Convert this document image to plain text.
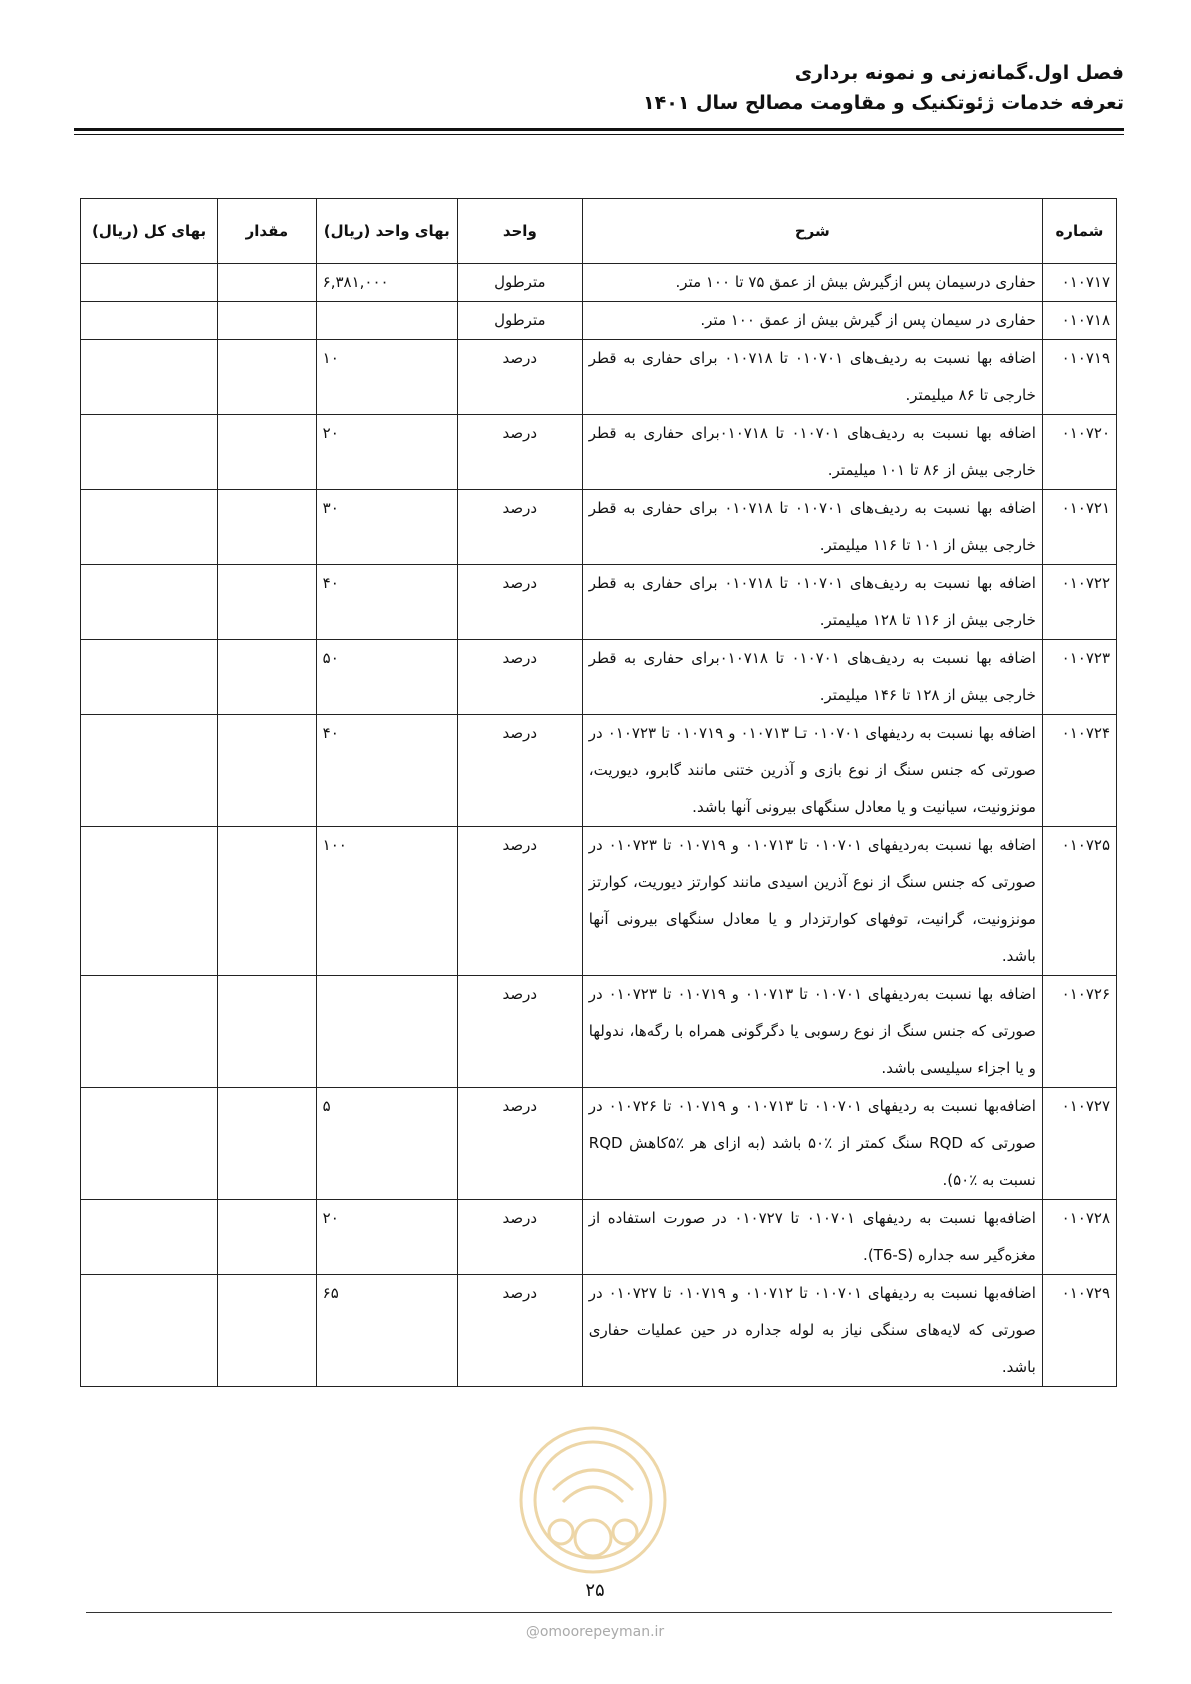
فصل اول.گمانه‌زنی و نمونه برداری
تعرفه خدمات ژئوتکنیک و مقاومت مصالح سال ۱۴۰۱
شماره	شرح	واحد	بهای واحد (ریال)	مقدار	بهای کل (ریال)
۰۱۰۷۱۷	حفاری درسیمان پس ازگیرش بیش از عمق ۷۵ تا ۱۰۰ متر.	مترطول	۶,۳۸۱,۰۰۰		
۰۱۰۷۱۸	حفاری در سیمان پس از گیرش بیش از عمق ۱۰۰ متر.	مترطول			
۰۱۰۷۱۹	اضافه بها نسبت به ردیف‌های ۰۱۰۷۰۱ تا ۰۱۰۷۱۸ برای حفاری به قطر خارجی تا ۸۶ میلیمتر.	درصد	۱۰		
۰۱۰۷۲۰	اضافه بها نسبت به ردیف‌های ۰۱۰۷۰۱ تا ۰۱۰۷۱۸برای حفاری به قطر خارجی بیش از ۸۶ تا ۱۰۱ میلیمتر.	درصد	۲۰		
۰۱۰۷۲۱	اضافه بها نسبت به ردیف‌های ۰۱۰۷۰۱ تا ۰۱۰۷۱۸ برای حفاری به قطر خارجی بیش از ۱۰۱ تا ۱۱۶ میلیمتر.	درصد	۳۰		
۰۱۰۷۲۲	اضافه بها نسبت به ردیف‌های ۰۱۰۷۰۱ تا ۰۱۰۷۱۸ برای حفاری به قطر خارجی بیش از ۱۱۶ تا ۱۲۸ میلیمتر.	درصد	۴۰		
۰۱۰۷۲۳	اضافه بها نسبت به ردیف‌های ۰۱۰۷۰۱ تا ۰۱۰۷۱۸برای حفاری به قطر خارجی بیش از ۱۲۸ تا ۱۴۶ میلیمتر.	درصد	۵۰		
۰۱۰۷۲۴	اضافه بها نسبت به ردیفهای ۰۱۰۷۰۱ تـا ۰۱۰۷۱۳ و ۰۱۰۷۱۹ تا ۰۱۰۷۲۳ در صورتی که جنس سنگ از نوع بازی و آذرین ختنی مانند گابرو، دیوریت، مونزونیت، سیانیت و یا معادل سنگهای بیرونی آنها باشد.	درصد	۴۰		
۰۱۰۷۲۵	اضافه بها نسبت به‌ردیفهای ۰۱۰۷۰۱ تا ۰۱۰۷۱۳ و ۰۱۰۷۱۹ تا ۰۱۰۷۲۳ در صورتی که جنس سنگ از نوع آذرین اسیدی مانند کوارتز دیوریت، کوارتز مونزونیت، گرانیت، توفهای کوارتزدار و یا معادل سنگهای بیرونی آنها باشد.	درصد	۱۰۰		
۰۱۰۷۲۶	اضافه بها نسبت به‌ردیفهای ۰۱۰۷۰۱ تا ۰۱۰۷۱۳ و ۰۱۰۷۱۹ تا ۰۱۰۷۲۳ در صورتی که جنس سنگ از نوع رسوبی یا دگرگونی همراه با رگه‌ها، ندولها و یا اجزاء سیلیسی باشد.	درصد			
۰۱۰۷۲۷	اضافه‌بها نسبت به ردیفهای ۰۱۰۷۰۱ تا ۰۱۰۷۱۳ و ۰۱۰۷۱۹ تا ۰۱۰۷۲۶ در صورتی که RQD سنگ کمتر از ٪۵۰ باشد (به ازای هر ٪۵کاهش RQD نسبت به ٪۵۰).	درصد	۵		
۰۱۰۷۲۸	اضافه‌بها نسبت به ردیفهای ۰۱۰۷۰۱ تا ۰۱۰۷۲۷ در صورت استفاده از مغزه‌گیر سه جداره (T6-S).	درصد	۲۰		
۰۱۰۷۲۹	اضافه‌بها نسبت به ردیفهای ۰۱۰۷۰۱ تا ۰۱۰۷۱۲ و ۰۱۰۷۱۹ تا ۰۱۰۷۲۷ در صورتی که لایه‌های سنگی نیاز به لوله جداره در حین عملیات حفاری باشد.	درصد	۶۵		
۲۵
@omoorepeyman.ir
